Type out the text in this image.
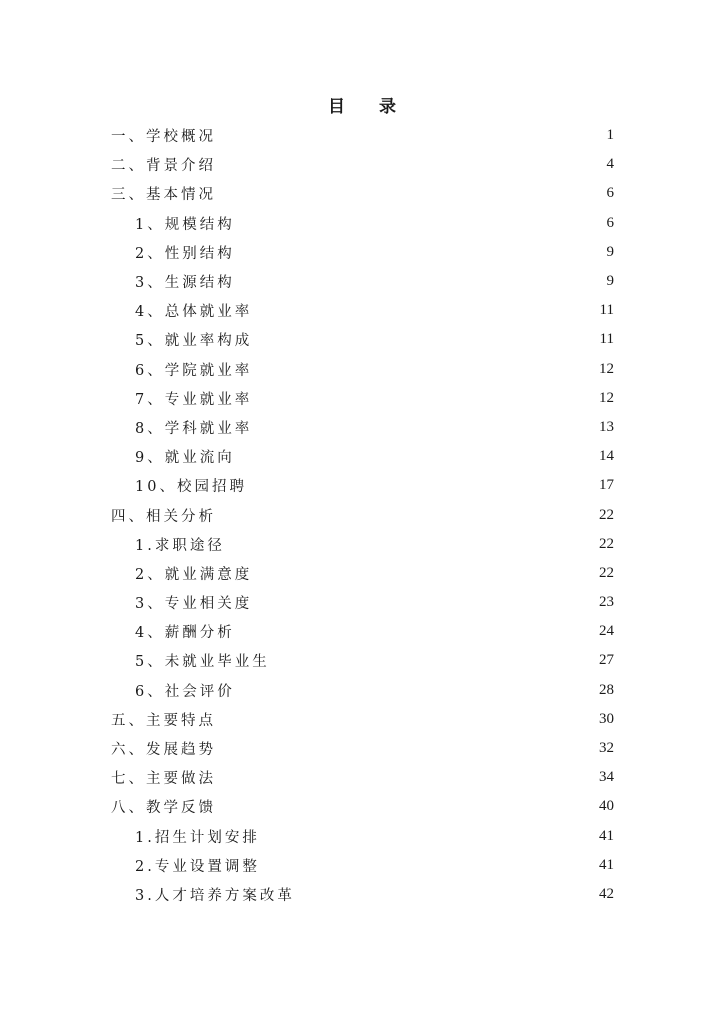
目 录
一、学校概况	1
二、背景介绍	4
三、基本情况	6
1、规模结构	6
2、性别结构	9
3、生源结构	9
4、总体就业率	11
5、就业率构成	11
6、学院就业率	12
7、专业就业率	12
8、学科就业率	13
9、就业流向	14
10、校园招聘	17
四、相关分析	22
1.求职途径	22
2、就业满意度	22
3、专业相关度	23
4、薪酬分析	24
5、未就业毕业生	27
6、社会评价	28
五、主要特点	30
六、发展趋势	32
七、主要做法	34
八、教学反馈	40
1.招生计划安排	41
2.专业设置调整	41
3.人才培养方案改革	42
